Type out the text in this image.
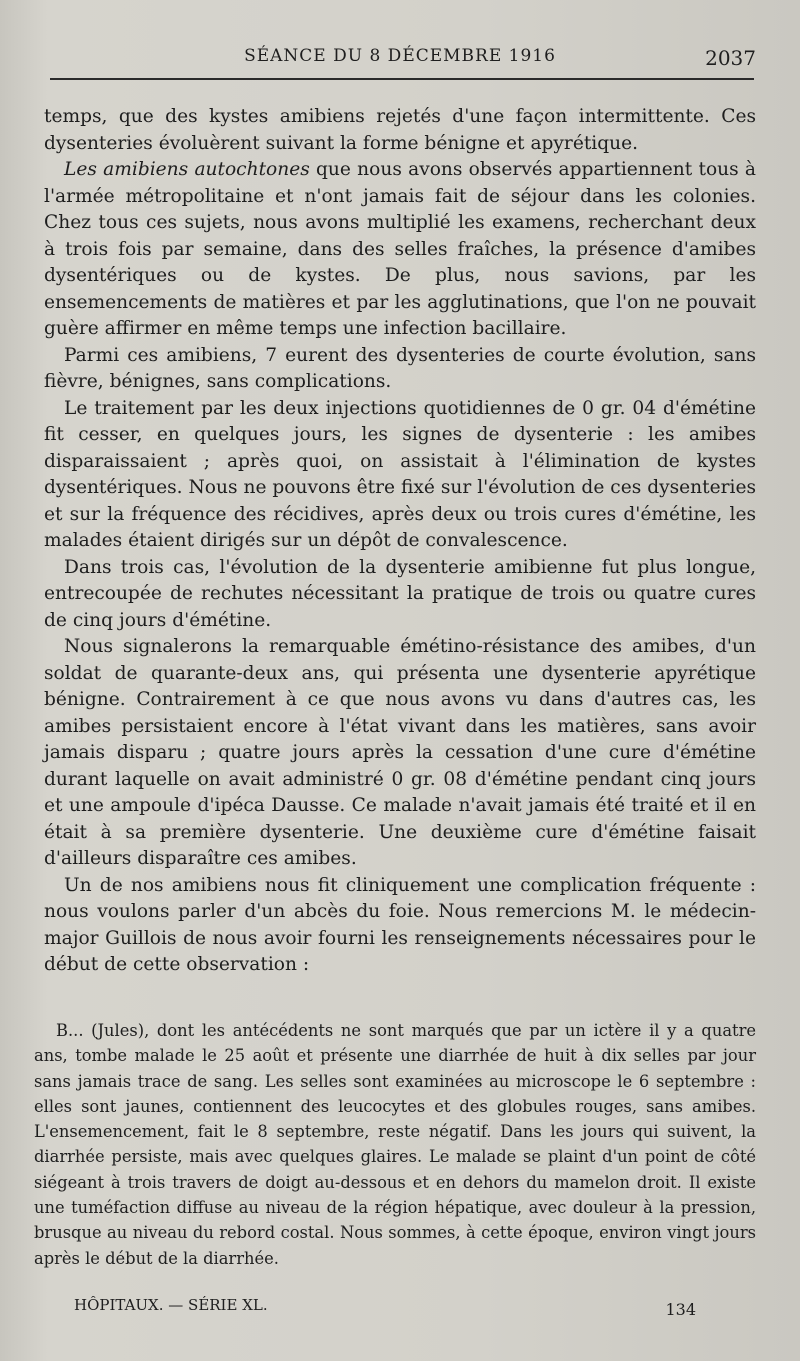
SÉANCE DU 8 DÉCEMBRE 1916	2037

temps, que des kystes amibiens rejetés d'une façon intermittente. Ces dysenteries évoluèrent suivant la forme bénigne et apyrétique.

Les amibiens autochtones que nous avons observés appartiennent tous à l'armée métropolitaine et n'ont jamais fait de séjour dans les colonies. Chez tous ces sujets, nous avons multiplié les examens, recherchant deux à trois fois par semaine, dans des selles fraîches, la présence d'amibes dysentériques ou de kystes. De plus, nous savions, par les ensemencements de matières et par les agglutinations, que l'on ne pouvait guère affirmer en même temps une infection bacillaire.

Parmi ces amibiens, 7 eurent des dysenteries de courte évolution, sans fièvre, bénignes, sans complications.

Le traitement par les deux injections quotidiennes de 0 gr. 04 d'émétine fit cesser, en quelques jours, les signes de dysenterie : les amibes disparaissaient ; après quoi, on assistait à l'élimination de kystes dysentériques. Nous ne pouvons être fixé sur l'évolution de ces dysenteries et sur la fréquence des récidives, après deux ou trois cures d'émétine, les malades étaient dirigés sur un dépôt de convalescence.

Dans trois cas, l'évolution de la dysenterie amibienne fut plus longue, entrecoupée de rechutes nécessitant la pratique de trois ou quatre cures de cinq jours d'émétine.

Nous signalerons la remarquable émétino-résistance des amibes, d'un soldat de quarante-deux ans, qui présenta une dysenterie apyrétique bénigne. Contrairement à ce que nous avons vu dans d'autres cas, les amibes persistaient encore à l'état vivant dans les matières, sans avoir jamais disparu ; quatre jours après la cessation d'une cure d'émétine durant laquelle on avait administré 0 gr. 08 d'émétine pendant cinq jours et une ampoule d'ipéca Dausse. Ce malade n'avait jamais été traité et il en était à sa première dysenterie. Une deuxième cure d'émétine faisait d'ailleurs disparaître ces amibes.

Un de nos amibiens nous fit cliniquement une complication fréquente : nous voulons parler d'un abcès du foie. Nous remercions M. le médecin-major Guillois de nous avoir fourni les renseignements nécessaires pour le début de cette observation :

B... (Jules), dont les antécédents ne sont marqués que par un ictère il y a quatre ans, tombe malade le 25 août et présente une diarrhée de huit à dix selles par jour sans jamais trace de sang. Les selles sont examinées au microscope le 6 septembre : elles sont jaunes, contiennent des leucocytes et des globules rouges, sans amibes. L'ensemencement, fait le 8 septembre, reste négatif. Dans les jours qui suivent, la diarrhée persiste, mais avec quelques glaires. Le malade se plaint d'un point de côté siégeant à trois travers de doigt au-dessous et en dehors du mamelon droit. Il existe une tuméfaction diffuse au niveau de la région hépatique, avec douleur à la pression, brusque au niveau du rebord costal. Nous sommes, à cette époque, environ vingt jours après le début de la diarrhée.

HÔPITAUX. — SÉRIE XL.	134
